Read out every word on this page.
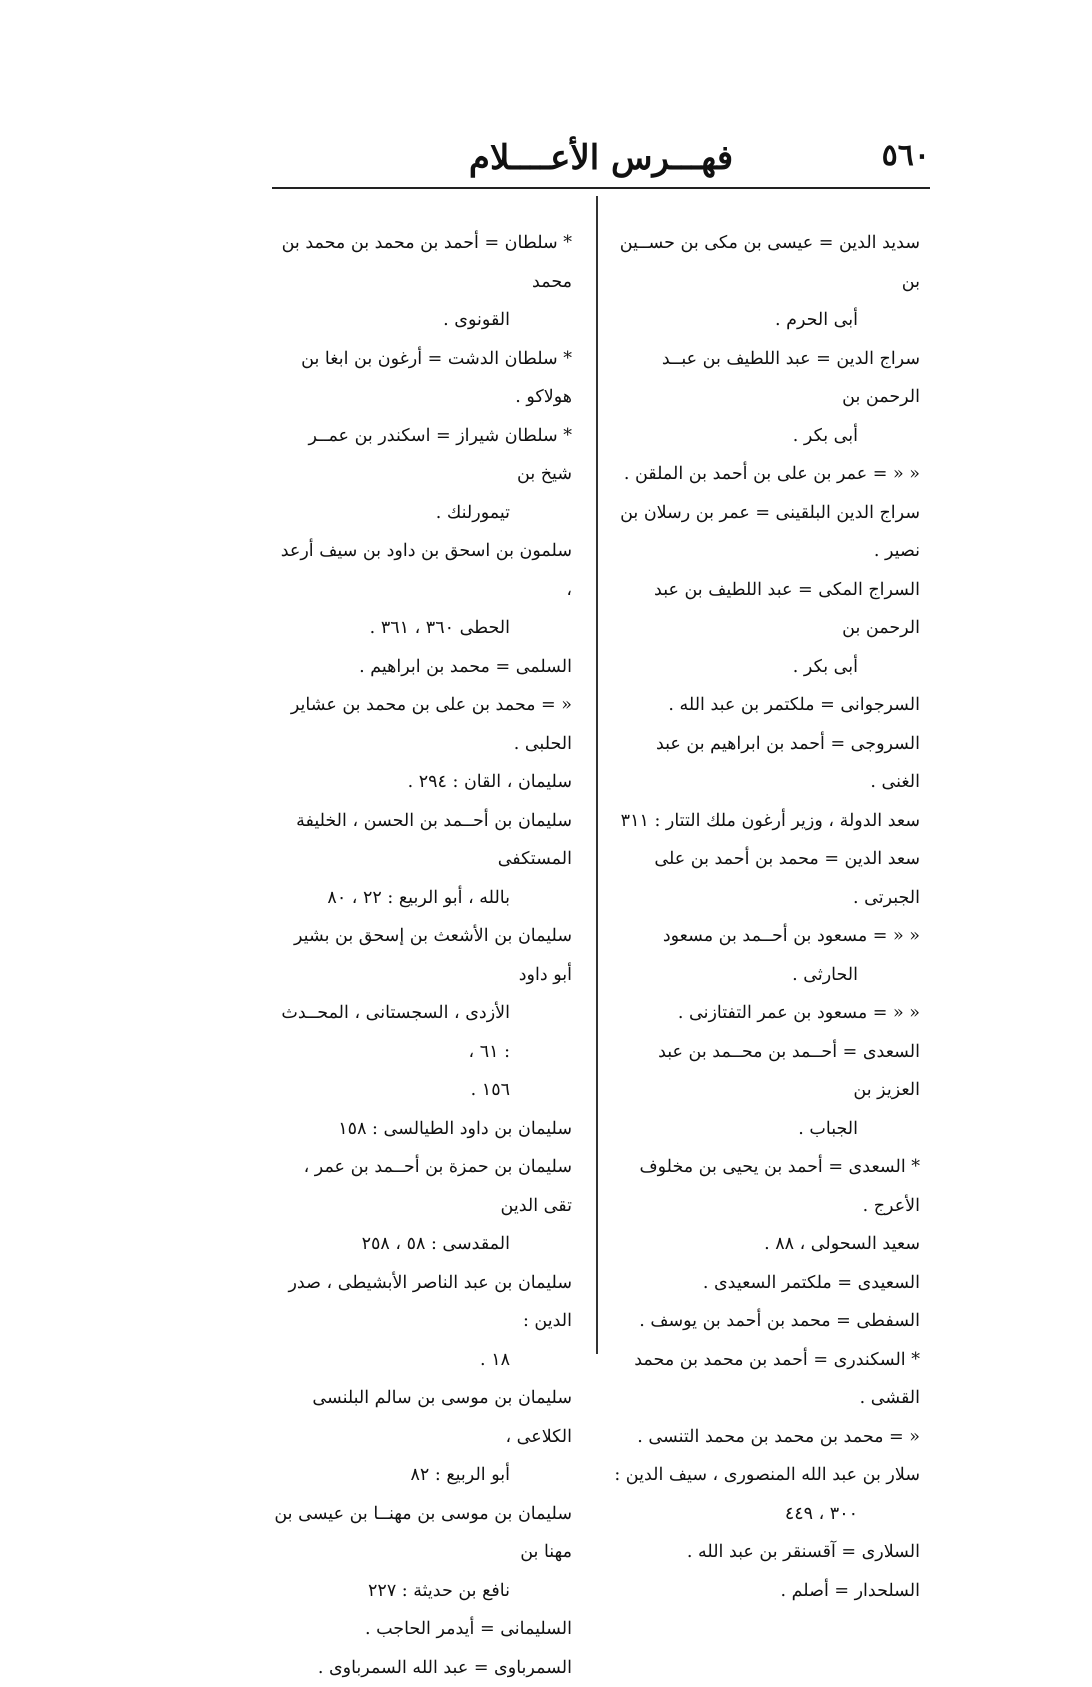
٥٦٠
فهـــرس الأعــــلام
سديد الدين = عيسى بن مكى بن حســين بن
أبى الحرم .
سراج الدين = عبد اللطيف بن عبــد الرحمن بن
أبى بكر .
« « = عمر بن على بن أحمد بن الملقن .
سراج الدين البلقينى = عمر بن رسلان بن نصير .
السراج المكى = عبد اللطيف بن عبد الرحمن بن
أبى بكر .
السرجوانى = ملكتمر بن عبد الله .
السروجى = أحمد بن ابراهيم بن عبد الغنى .
سعد الدولة ، وزير أرغون ملك التتار : ٣١١
سعد الدين = محمد بن أحمد بن على الجبرتى .
« « = مسعود بن أحــمد بن مسعود
الحارثى .
« « = مسعود بن عمر التفتازنى .
السعدى = أحــمد بن محــمد بن عبد العزيز بن
الجباب .
* السعدى = أحمد بن يحيى بن مخلوف الأعرج .
سعيد السحولى ، ٨٨ .
السعيدى = ملكتمر السعيدى .
السفطى = محمد بن أحمد بن يوسف .
* السكندرى = أحمد بن محمد بن محمد القشى .
« = محمد بن محمد بن محمد التنسى .
سلار بن عبد الله المنصورى ، سيف الدين :
٣٠٠ ، ٤٤٩
السلارى = آقسنقر بن عبد الله .
السلحدار = أصلم .
* سلطان = أحمد بن محمد بن محمد بن محمد
القونوى .
* سلطان الدشت = أرغون بن ابغا بن هولاكو .
* سلطان شيراز = اسكندر بن عمــر شيخ بن
تيمورلنك .
سلمون بن اسحق بن داود بن سيف أرعد ،
الحطى ٣٦٠ ، ٣٦١ .
السلمى = محمد بن ابراهيم .
« = محمد بن على بن محمد بن عشاير الحلبى .
سليمان ، القان : ٢٩٤ .
سليمان بن أحــمد بن الحسن ، الخليفة المستكفى
بالله ، أبو الربيع : ٢٢ ، ٨٠
سليمان بن الأشعث بن إسحق بن بشير أبو داود
الأزدى ، السجستانى ، المحــدث : ٦١ ،
١٥٦ .
سليمان بن داود الطيالسى : ١٥٨
سليمان بن حمزة بن أحــمد بن عمر ، تقى الدين
المقدسى : ٥٨ ، ٢٥٨
سليمان بن عبد الناصر الأبشيطى ، صدر الدين :
١٨ .
سليمان بن موسى بن سالم البلنسى الكلاعى ،
أبو الربيع : ٨٢
سليمان بن موسى بن مهنــا بن عيسى بن مهنا بن
نافع بن حديثة : ٢٢٧
السليمانى = أيدمر الحاجب .
السمرباوى = عبد الله السمرباوى .
